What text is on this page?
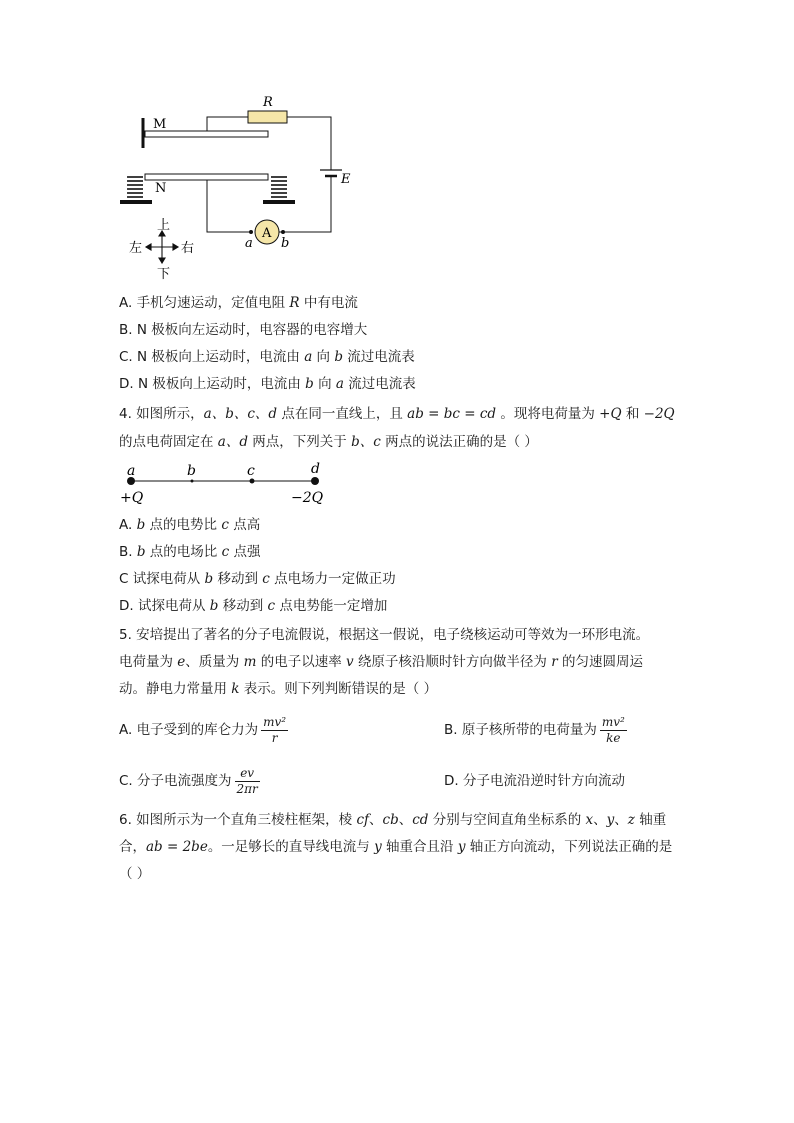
M
R
E
N
A
a b
上
下
左	右
A. 手机匀速运动，定值电阻 R 中有电流
B. N 极板向左运动时，电容器的电容增大
C. N 极板向上运动时，电流由 a 向 b 流过电流表
D. N 极板向上运动时，电流由 b 向 a 流过电流表
4. 如图所示，a、b、c、d 点在同一直线上，且 ab = bc = cd 。现将电荷量为 +Q 和 −2Q
的点电荷固定在 a、d 两点，下列关于 b、c 两点的说法正确的是（ ）
a	b	c	d
+Q	−2Q
A. b 点的电势比 c 点高
B. b 点的电场比 c 点强
C 试探电荷从 b 移动到 c 点电场力一定做正功
D. 试探电荷从 b 移动到 c 点电势能一定增加
5. 安培提出了著名的分子电流假说，根据这一假说，电子绕核运动可等效为一环形电流。
电荷量为 e、质量为 m 的电子以速率 v 绕原子核沿顺时针方向做半径为 r 的匀速圆周运
动。静电力常量用 k 表示。则下列判断错误的是（ ）
A. 电子受到的库仑力为 $\frac{\text{mv²}}{r}$	B. 原子核所带的电荷量为 $\frac{\text{mv²}}{ke}$
C. 分子电流强度为 $\frac{ev}{2\pi r}$	D. 分子电流沿逆时针方向流动
6. 如图所示为一个直角三棱柱框架，棱 cf、cb、cd 分别与空间直角坐标系的 x、y、z 轴重
合，ab = 2be。一足够长的直导线电流与 y 轴重合且沿 y 轴正方向流动，下列说法正确的是
（ ）
